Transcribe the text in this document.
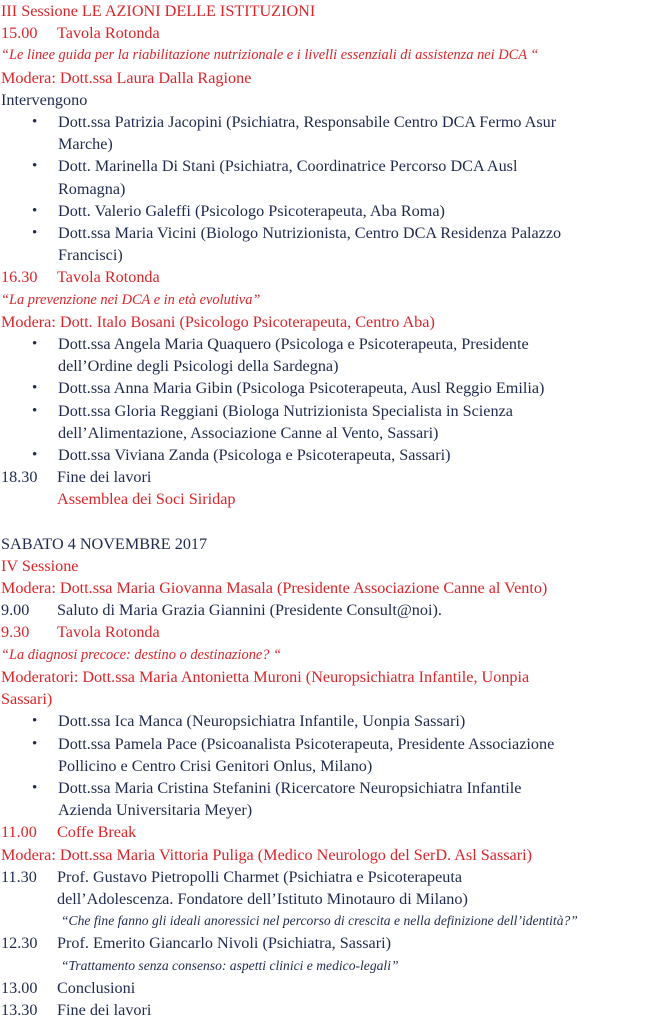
III Sessione LE AZIONI DELLE ISTITUZIONI

15.00 Tavola Rotonda

“Le linee guida per la riabilitazione nutrizionale e i livelli essenziali di assistenza nei DCA “

Modera: Dott.ssa Laura Dalla Ragione

Intervengono

• Dott.ssa Patrizia Jacopini (Psichiatra, Responsabile Centro DCA Fermo Asur
Marche)
• Dott. Marinella Di Stani (Psichiatra, Coordinatrice Percorso DCA Ausl
Romagna)
• Dott. Valerio Galeffi (Psicologo Psicoterapeuta, Aba Roma)
• Dott.ssa Maria Vicini (Biologo Nutrizionista, Centro DCA Residenza Palazzo
Francisci)

16.30 Tavola Rotonda

“La prevenzione nei DCA e in età evolutiva”

Modera: Dott. Italo Bosani (Psicologo Psicoterapeuta, Centro Aba)

• Dott.ssa Angela Maria Quaquero (Psicologa e Psicoterapeuta, Presidente
dell’Ordine degli Psicologi della Sardegna)
• Dott.ssa Anna Maria Gibin (Psicologa Psicoterapeuta, Ausl Reggio Emilia)
• Dott.ssa Gloria Reggiani (Biologa Nutrizionista Specialista in Scienza
dell’Alimentazione, Associazione Canne al Vento, Sassari)
• Dott.ssa Viviana Zanda (Psicologa e Psicoterapeuta, Sassari)

18.30 Fine dei lavori

Assemblea dei Soci Siridap

SABATO 4 NOVEMBRE 2017

IV Sessione

Modera: Dott.ssa Maria Giovanna Masala (Presidente Associazione Canne al Vento)

9.00 Saluto di Maria Grazia Giannini (Presidente Consult@noi).

9.30 Tavola Rotonda

“La diagnosi precoce: destino o destinazione? “

Moderatori: Dott.ssa Maria Antonietta Muroni (Neuropsichiatra Infantile, Uonpia

Sassari)

• Dott.ssa Ica Manca (Neuropsichiatra Infantile, Uonpia Sassari)
• Dott.ssa Pamela Pace (Psicoanalista Psicoterapeuta, Presidente Associazione
Pollicino e Centro Crisi Genitori Onlus, Milano)
• Dott.ssa Maria Cristina Stefanini (Ricercatore Neuropsichiatra Infantile
Azienda Universitaria Meyer)

11.00 Coffe Break

Modera: Dott.ssa Maria Vittoria Puliga (Medico Neurologo del SerD. Asl Sassari)

11.30 Prof. Gustavo Pietropolli Charmet (Psichiatra e Psicoterapeuta

dell’Adolescenza. Fondatore dell’Istituto Minotauro di Milano)

“Che fine fanno gli ideali anoressici nel percorso di crescita e nella definizione dell’identità?”

12.30 Prof. Emerito Giancarlo Nivoli (Psichiatra, Sassari)

“Trattamento senza consenso: aspetti clinici e medico-legali”

13.00 Conclusioni

13.30 Fine dei lavori
